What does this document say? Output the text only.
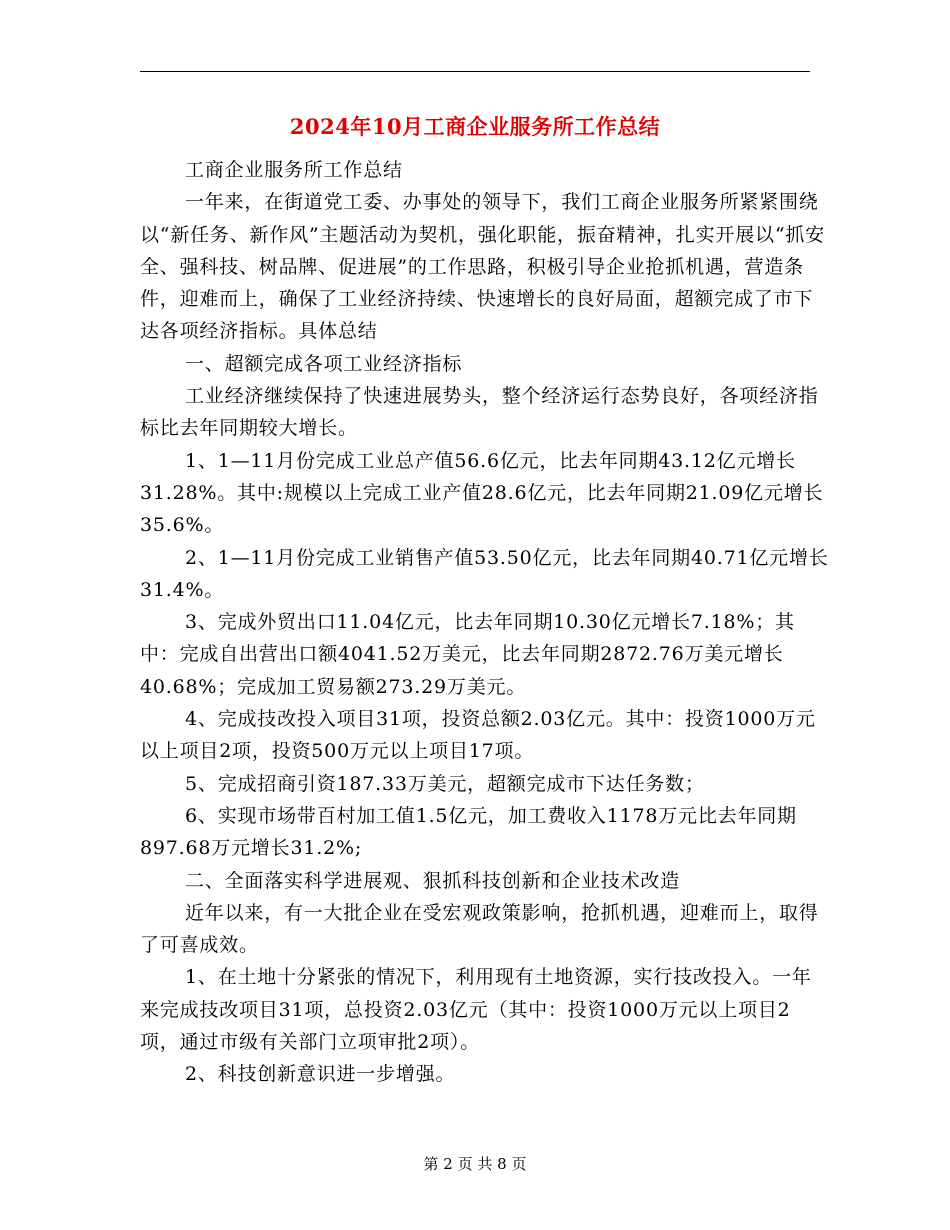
2024年10月工商企业服务所工作总结

工商企业服务所工作总结

一年来，在街道党工委、办事处的领导下，我们工商企业服务所紧紧围绕以“新任务、新作风”主题活动为契机，强化职能，振奋精神，扎实开展以“抓安全、强科技、树品牌、促进展”的工作思路，积极引导企业抢抓机遇，营造条件，迎难而上，确保了工业经济持续、快速增长的良好局面，超额完成了市下达各项经济指标。具体总结

一、超额完成各项工业经济指标

工业经济继续保持了快速进展势头，整个经济运行态势良好，各项经济指标比去年同期较大增长。

1、1—11月份完成工业总产值56.6亿元，比去年同期43.12亿元增长31.28%。其中:规模以上完成工业产值28.6亿元，比去年同期21.09亿元增长35.6%。

2、1—11月份完成工业销售产值53.50亿元，比去年同期40.71亿元增长31.4%。

3、完成外贸出口11.04亿元，比去年同期10.30亿元增长7.18%；其中：完成自出营出口额4041.52万美元，比去年同期2872.76万美元增长40.68%；完成加工贸易额273.29万美元。

4、完成技改投入项目31项，投资总额2.03亿元。其中：投资1000万元以上项目2项，投资500万元以上项目17项。

5、完成招商引资187.33万美元，超额完成市下达任务数；

6、实现市场带百村加工值1.5亿元，加工费收入1178万元比去年同期897.68万元增长31.2%;

二、全面落实科学进展观、狠抓科技创新和企业技术改造

近年以来，有一大批企业在受宏观政策影响，抢抓机遇，迎难而上，取得了可喜成效。

1、在土地十分紧张的情况下，利用现有土地资源，实行技改投入。一年来完成技改项目31项，总投资2.03亿元（其中：投资1000万元以上项目2项，通过市级有关部门立项审批2项）。

2、科技创新意识进一步增强。

第 2 页 共 8 页
